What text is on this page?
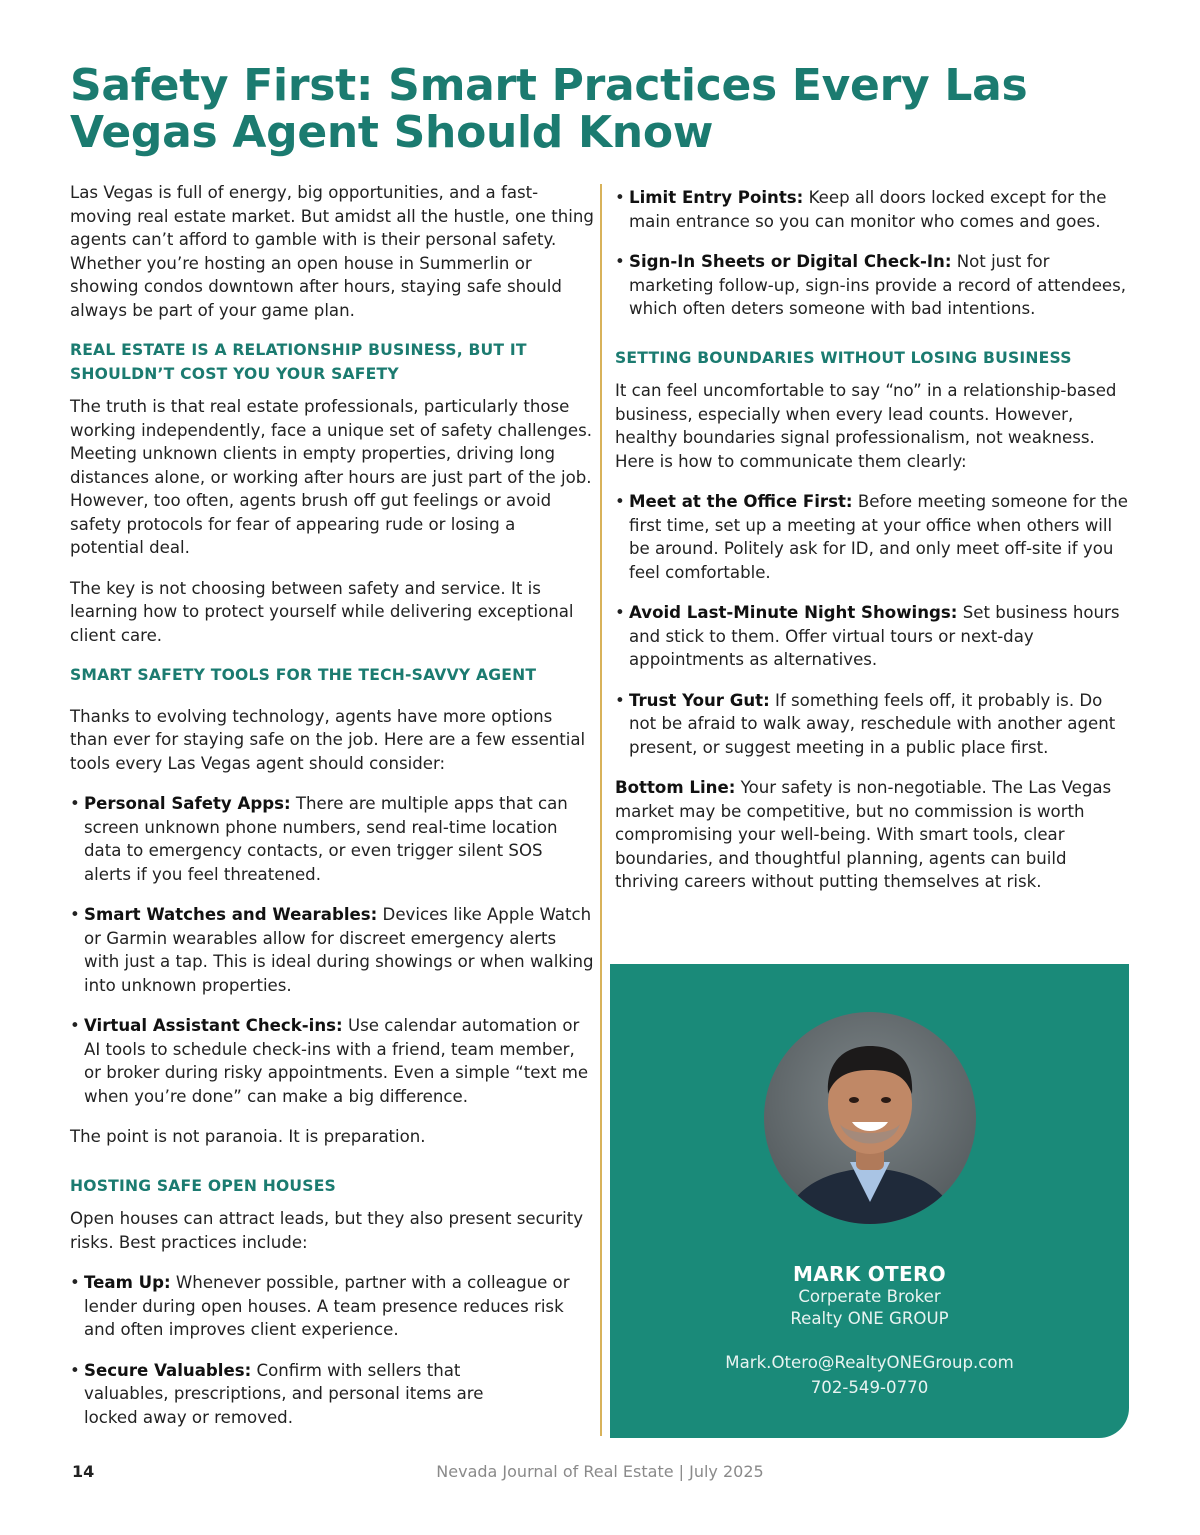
Safety First: Smart Practices Every Las Vegas Agent Should Know

Las Vegas is full of energy, big opportunities, and a fast-moving real estate market. But amidst all the hustle, one thing agents can’t afford to gamble with is their personal safety. Whether you’re hosting an open house in Summerlin or showing condos downtown after hours, staying safe should always be part of your game plan.

REAL ESTATE IS A RELATIONSHIP BUSINESS, BUT IT SHOULDN’T COST YOU YOUR SAFETY

The truth is that real estate professionals, particularly those working independently, face a unique set of safety challenges. Meeting unknown clients in empty properties, driving long distances alone, or working after hours are just part of the job. However, too often, agents brush off gut feelings or avoid safety protocols for fear of appearing rude or losing a potential deal.

The key is not choosing between safety and service. It is learning how to protect yourself while delivering exceptional client care.

SMART SAFETY TOOLS FOR THE TECH-SAVVY AGENT

Thanks to evolving technology, agents have more options than ever for staying safe on the job. Here are a few essential tools every Las Vegas agent should consider:

• Personal Safety Apps: There are multiple apps that can screen unknown phone numbers, send real-time location data to emergency contacts, or even trigger silent SOS alerts if you feel threatened.
• Smart Watches and Wearables: Devices like Apple Watch or Garmin wearables allow for discreet emergency alerts with just a tap. This is ideal during showings or when walking into unknown properties.
• Virtual Assistant Check-ins: Use calendar automation or AI tools to schedule check-ins with a friend, team member, or broker during risky appointments. Even a simple “text me when you’re done” can make a big difference.

The point is not paranoia. It is preparation.

HOSTING SAFE OPEN HOUSES

Open houses can attract leads, but they also present security risks. Best practices include:

• Team Up: Whenever possible, partner with a colleague or lender during open houses. A team presence reduces risk and often improves client experience.
• Secure Valuables: Confirm with sellers that valuables, prescriptions, and personal items are locked away or removed.
• Limit Entry Points: Keep all doors locked except for the main entrance so you can monitor who comes and goes.
• Sign-In Sheets or Digital Check-In: Not just for marketing follow-up, sign-ins provide a record of attendees, which often deters someone with bad intentions.
SETTING BOUNDARIES WITHOUT LOSING BUSINESS

It can feel uncomfortable to say “no” in a relationship-based business, especially when every lead counts. However, healthy boundaries signal professionalism, not weakness. Here is how to communicate them clearly:

• Meet at the Office First: Before meeting someone for the first time, set up a meeting at your office when others will be around. Politely ask for ID, and only meet off-site if you feel comfortable.
• Avoid Last-Minute Night Showings: Set business hours and stick to them. Offer virtual tours or next-day appointments as alternatives.
• Trust Your Gut: If something feels off, it probably is. Do not be afraid to walk away, reschedule with another agent present, or suggest meeting in a public place first.

Bottom Line: Your safety is non-negotiable. The Las Vegas market may be competitive, but no commission is worth compromising your well-being. With smart tools, clear boundaries, and thoughtful planning, agents can build thriving careers without putting themselves at risk.

MARK OTERO
Corperate Broker
Realty ONE GROUP
Mark.Otero@RealtyONEGroup.com
702-549-0770
14	Nevada Journal of Real Estate | July 2025
